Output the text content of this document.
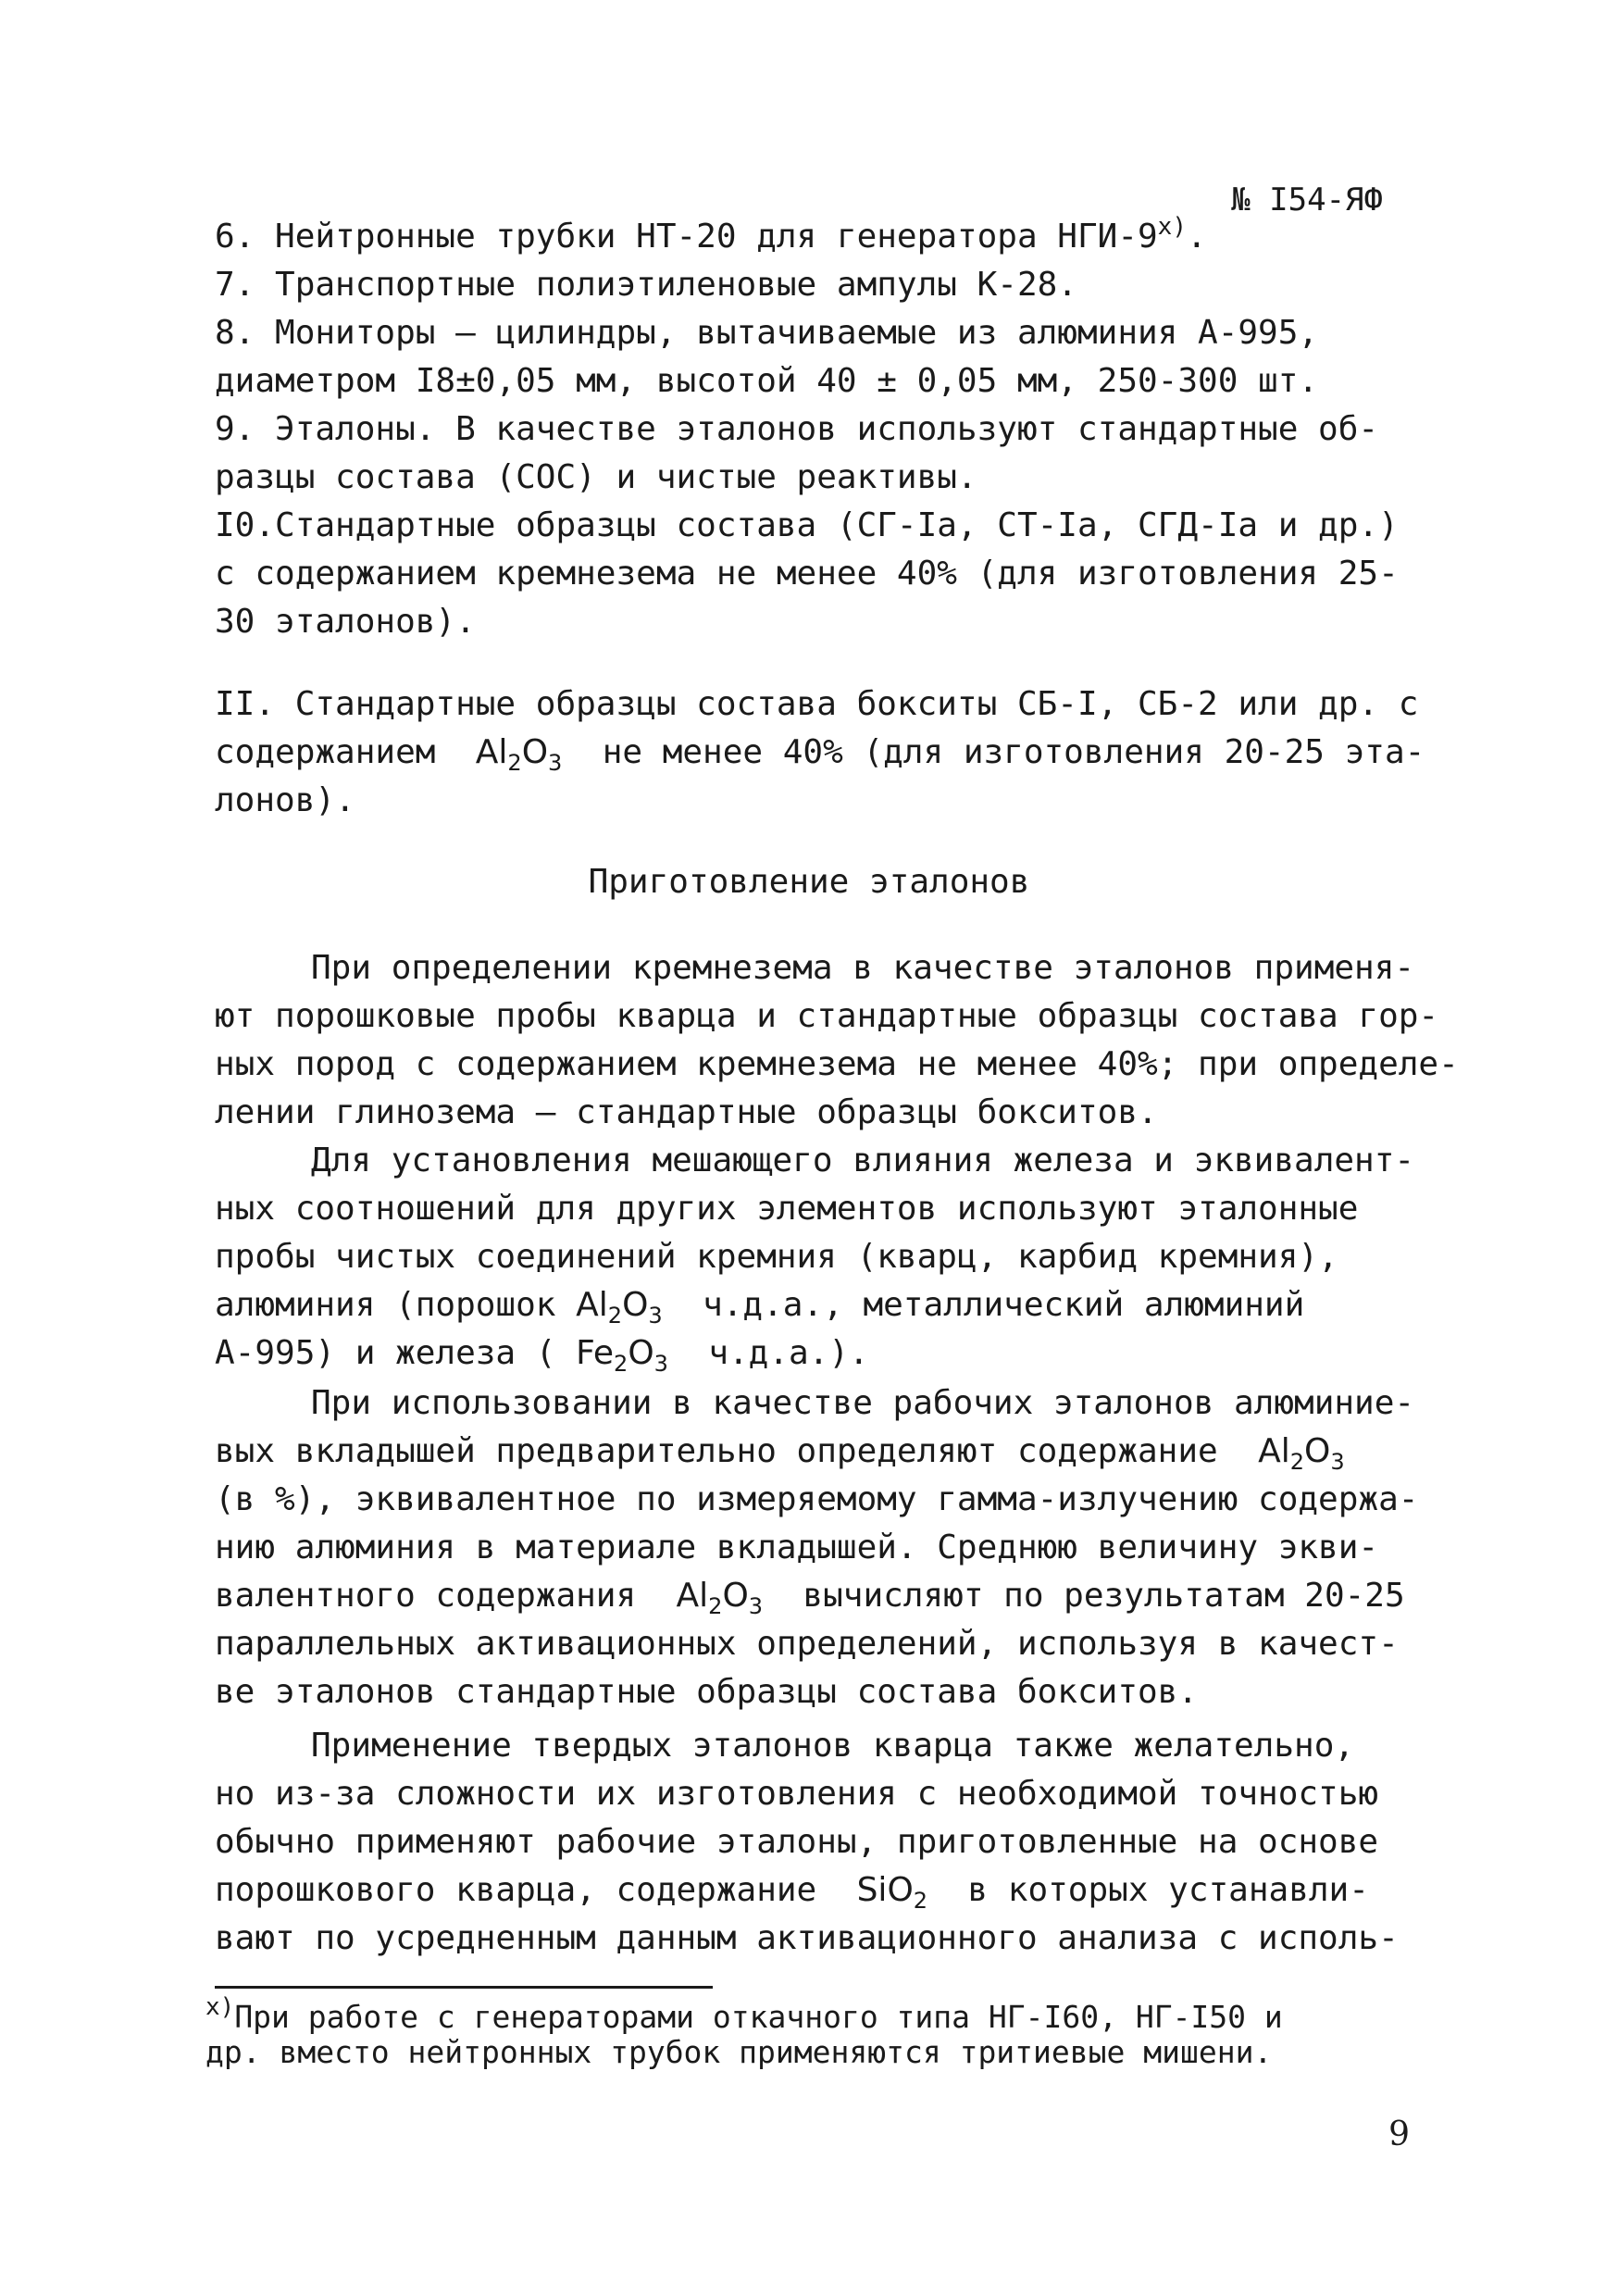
№ I54-ЯФ

6. Нейтронные трубки НТ-20 для генератора НГИ-9$^{x)}$.

7. Транспортные полиэтиленовые ампулы К-28.

8. Мониторы – цилиндры, вытачиваемые из алюминия А-995,

диаметром I8±0,05 мм, высотой 40 ± 0,05 мм, 250-300 шт.

9. Эталоны. В качестве эталонов используют стандартные об-

разцы состава (СОС) и чистые реактивы.

I0.Стандартные образцы состава (СГ-Iа, СТ-Iа, СГД-Iа и др.)

с содержанием кремнезема не менее 40% (для изготовления 25-

30 эталонов).

II. Стандартные образцы состава бокситы СБ-I, СБ-2 или др. с

содержанием $Al_2O_3$ не менее 40% (для изготовления 20-25 эта-

лонов).

Приготовление эталонов

При определении кремнезема в качестве эталонов применя-

ют порошковые пробы кварца и стандартные образцы состава гор-

ных пород с содержанием кремнезема не менее 40%; при определе-

лении глинозема – стандартные образцы бокситов.

Для установления мешающего влияния железа и эквивалент-

ных соотношений для других элементов используют эталонные

пробы чистых соединений кремния (кварц, карбид кремния),

алюминия (порошок $Al_2O_3$ ч.д.а., металлический алюминий

А-995) и железа ( $Fe_2O_3$ ч.д.а.).

При использовании в качестве рабочих эталонов алюминие-

вых вкладышей предварительно определяют содержание $Al_2O_3$

(в %), эквивалентное по измеряемому гамма-излучению содержа-

нию алюминия в материале вкладышей. Среднюю величину экви-

валентного содержания $Al_2O_3$ вычисляют по результатам 20-25

параллельных активационных определений, используя в качест-

ве эталонов стандартные образцы состава бокситов.

Применение твердых эталонов кварца также желательно,

но из-за сложности их изготовления с необходимой точностью

обычно применяют рабочие эталоны, приготовленные на основе

порошкового кварца, содержание SiO$_2$ в которых устанавли-

вают по усредненным данным активационного анализа с исполь-

$^{x)}$При работе с генераторами откачного типа НГ-I60, НГ-I50 и

др. вместо нейтронных трубок применяются тритиевые мишени.

9
